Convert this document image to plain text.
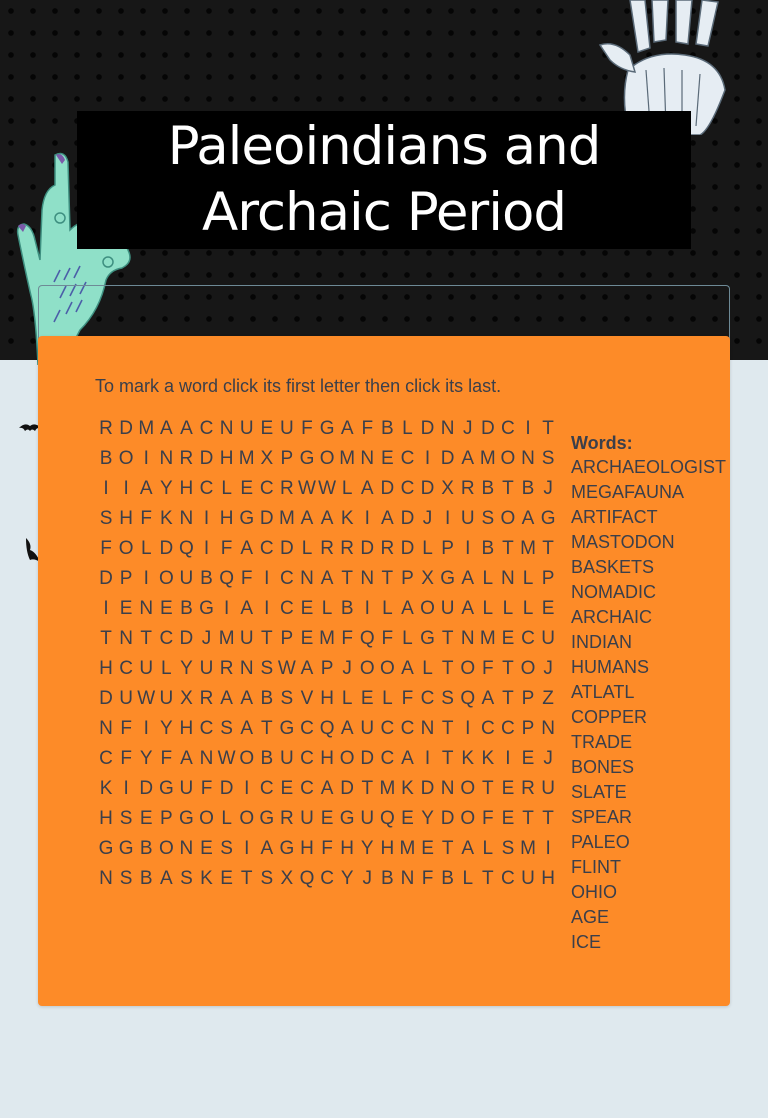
Paleoindians and Archaic Period

To mark a word click its first letter then click its last.

R D M A A C N U E U F G A F B L D N J D C I T
B O I N R D H M X P G O M N E C I D A M O N S
I I A Y H C L E C R W W L A D C D X R B T B J
S H F K N I H G D M A A K I A D J I U S O A G
F O L D Q I F A C D L R R D R D L P I B T M T
D P I O U B Q F I C N A T N T P X G A L N L P
I E N E B G I A I C E L B I L A O U A L L L E
T N T C D J M U T P E M F Q F L G T N M E C U
H C U L Y U R N S W A P J O O A L T O F T O J
D U W U X R A A B S V H L E L F C S Q A T P Z
N F I Y H C S A T G C Q A U C C N T I C C P N
C F Y F A N W O B U C H O D C A I T K K I E J
K I D G U F D I C E C A D T M K D N O T E R U
H S E P G O L O G R U E G U Q E Y D O F E T T
G G B O N E S I A G H F H Y H M E T A L S M I
N S B A S K E T S X Q C Y J B N F B L T C U H
Words:
ARCHAEOLOGIST
MEGAFAUNA
ARTIFACT
MASTODON
BASKETS
NOMADIC
ARCHAIC
INDIAN
HUMANS
ATLATL
COPPER
TRADE
BONES
SLATE
SPEAR
PALEO
FLINT
OHIO
AGE
ICE
